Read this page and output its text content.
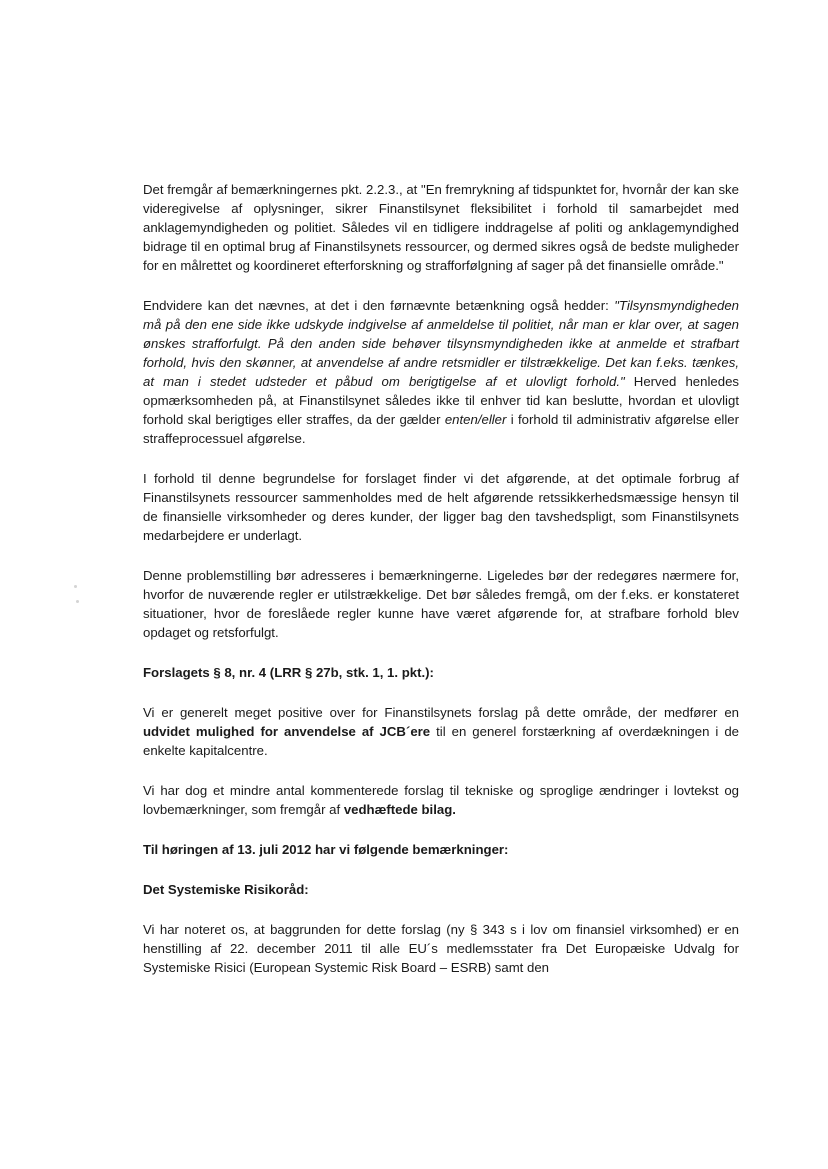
Det fremgår af bemærkningernes pkt. 2.2.3., at "En fremrykning af tidspunktet for, hvornår der kan ske videregivelse af oplysninger, sikrer Finanstilsynet fleksibilitet i forhold til samarbejdet med anklagemyndigheden og politiet. Således vil en tidligere inddragelse af politi og anklagemyndighed bidrage til en optimal brug af Finanstilsynets ressourcer, og dermed sikres også de bedste muligheder for en målrettet og koordineret efterforskning og strafforfølgning af sager på det finansielle område."

Endvidere kan det nævnes, at det i den førnævnte betænkning også hedder: "Tilsynsmyndigheden må på den ene side ikke udskyde indgivelse af anmeldelse til politiet, når man er klar over, at sagen ønskes strafforfulgt. På den anden side behøver tilsynsmyndigheden ikke at anmelde et strafbart forhold, hvis den skønner, at anvendelse af andre retsmidler er tilstrækkelige. Det kan f.eks. tænkes, at man i stedet udsteder et påbud om berigtigelse af et ulovligt forhold." Herved henledes opmærksomheden på, at Finanstilsynet således ikke til enhver tid kan beslutte, hvordan et ulovligt forhold skal berigtiges eller straffes, da der gælder enten/eller i forhold til administrativ afgørelse eller straffeprocessuel afgørelse.

I forhold til denne begrundelse for forslaget finder vi det afgørende, at det optimale forbrug af Finanstilsynets ressourcer sammenholdes med de helt afgørende retssikkerhedsmæssige hensyn til de finansielle virksomheder og deres kunder, der ligger bag den tavshedspligt, som Finanstilsynets medarbejdere er underlagt.

Denne problemstilling bør adresseres i bemærkningerne. Ligeledes bør der redegøres nærmere for, hvorfor de nuværende regler er utilstrækkelige. Det bør således fremgå, om der f.eks. er konstateret situationer, hvor de foreslåede regler kunne have været afgørende for, at strafbare forhold blev opdaget og retsforfulgt.

Forslagets § 8, nr. 4 (LRR § 27b, stk. 1, 1. pkt.):

Vi er generelt meget positive over for Finanstilsynets forslag på dette område, der medfører en udvidet mulighed for anvendelse af JCB´ere til en generel forstærkning af overdækningen i de enkelte kapitalcentre.

Vi har dog et mindre antal kommenterede forslag til tekniske og sproglige ændringer i lovtekst og lovbemærkninger, som fremgår af vedhæftede bilag.

Til høringen af 13. juli 2012 har vi følgende bemærkninger:
Det Systemiske Risikoråd:

Vi har noteret os, at baggrunden for dette forslag (ny § 343 s i lov om finansiel virksomhed) er en henstilling af 22. december 2011 til alle EU´s medlemsstater fra Det Europæiske Udvalg for Systemiske Risici (European Systemic Risk Board – ESRB) samt den
